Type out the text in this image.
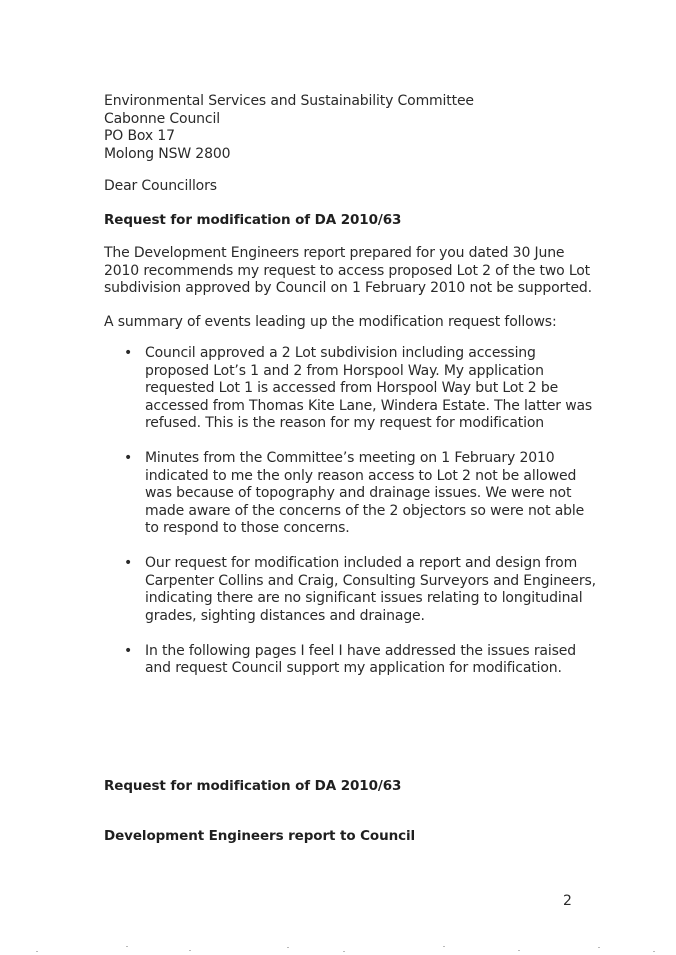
Environmental Services and Sustainability Committee
Cabonne Council
PO Box 17
Molong NSW 2800
Dear Councillors
Request for modification of DA 2010/63
The Development Engineers report prepared for you dated 30 June
2010 recommends my request to access proposed Lot 2 of the two Lot
subdivision approved by Council on 1 February 2010 not be supported.
A summary of events leading up the modification request follows:
• Council approved a 2 Lot subdivision including accessing
proposed Lot’s 1 and 2 from Horspool Way. My application
requested Lot 1 is accessed from Horspool Way but Lot 2 be
accessed from Thomas Kite Lane, Windera Estate. The latter was
refused. This is the reason for my request for modification
• Minutes from the Committee’s meeting on 1 February 2010
indicated to me the only reason access to Lot 2 not be allowed
was because of topography and drainage issues. We were not
made aware of the concerns of the 2 objectors so were not able
to respond to those concerns.
• Our request for modification included a report and design from
Carpenter Collins and Craig, Consulting Surveyors and Engineers,
indicating there are no significant issues relating to longitudinal
grades, sighting distances and drainage.
• In the following pages I feel I have addressed the issues raised
and request Council support my application for modification.
Request for modification of DA 2010/63
Development Engineers report to Council
2
